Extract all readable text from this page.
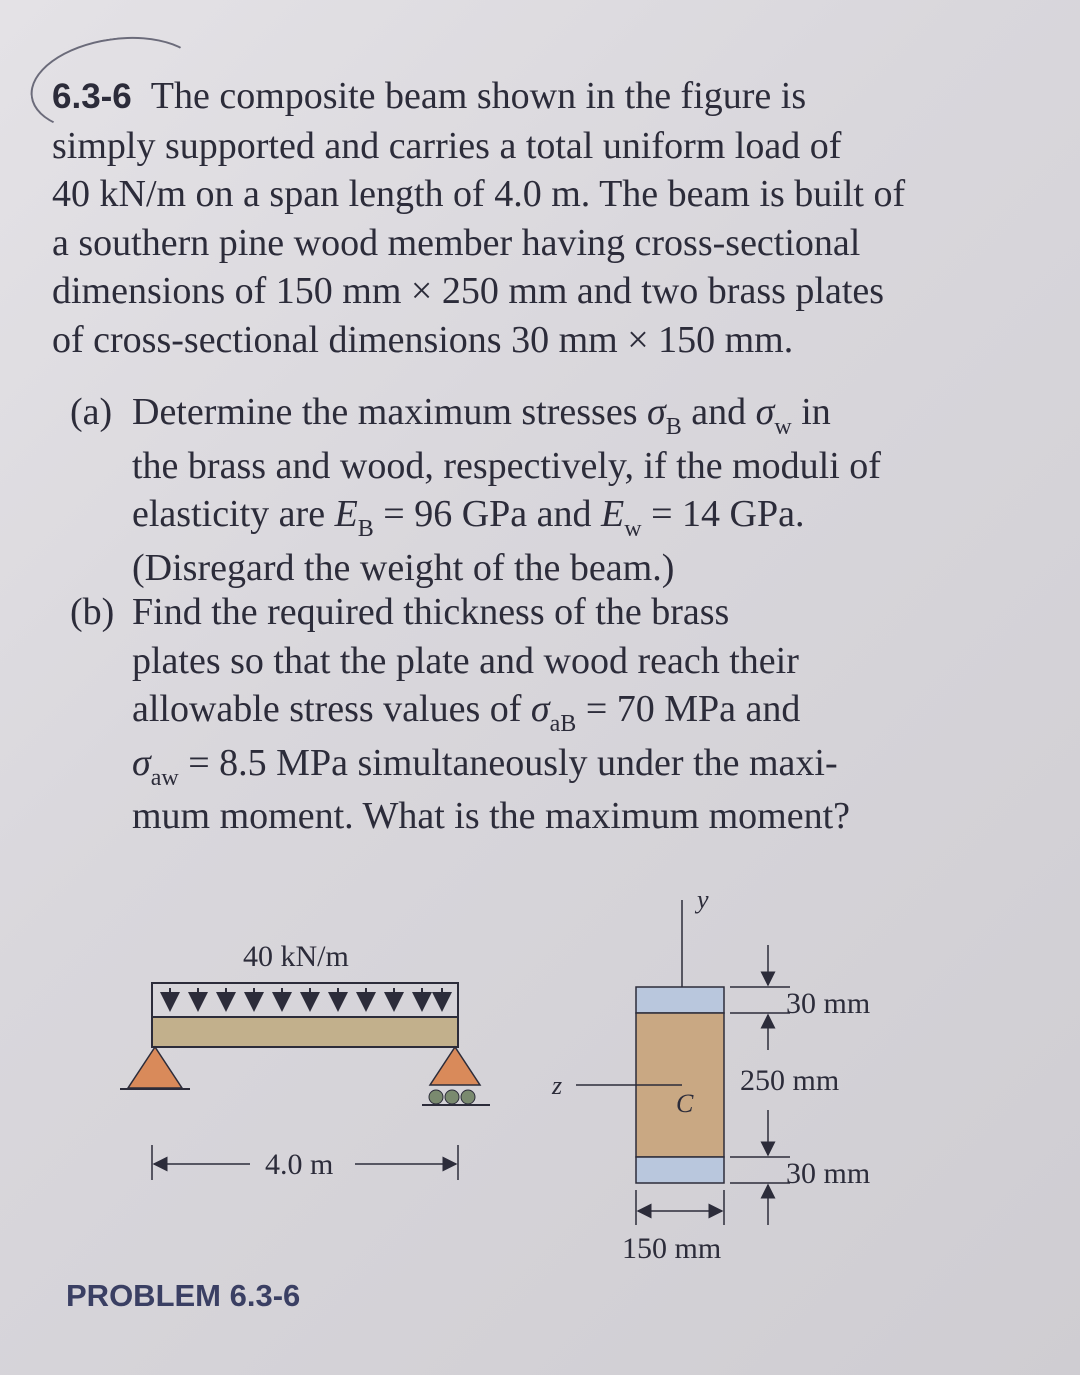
6.3-6 The composite beam shown in the figure is
simply supported and carries a total uniform load of
40 kN/m on a span length of 4.0 m. The beam is built of
a southern pine wood member having cross-sectional
dimensions of 150 mm × 250 mm and two brass plates
of cross-sectional dimensions 30 mm × 150 mm.
(a) Determine the maximum stresses $\sigma_B$ and $\sigma_w$ in
the brass and wood, respectively, if the moduli of
elasticity are $E_B = 96$ GPa and $E_w = 14$ GPa.
(Disregard the weight of the beam.)
(b) Find the required thickness of the brass
plates so that the plate and wood reach their
allowable stress values of $\sigma_{aB} = 70$ MPa and
$\sigma_{aw} = 8.5$ MPa simultaneously under the maxi-
mum moment. What is the maximum moment?
40 kN/m
4.0 m
y
z
C
30 mm
250 mm
30 mm
150 mm
PROBLEM 6.3-6
